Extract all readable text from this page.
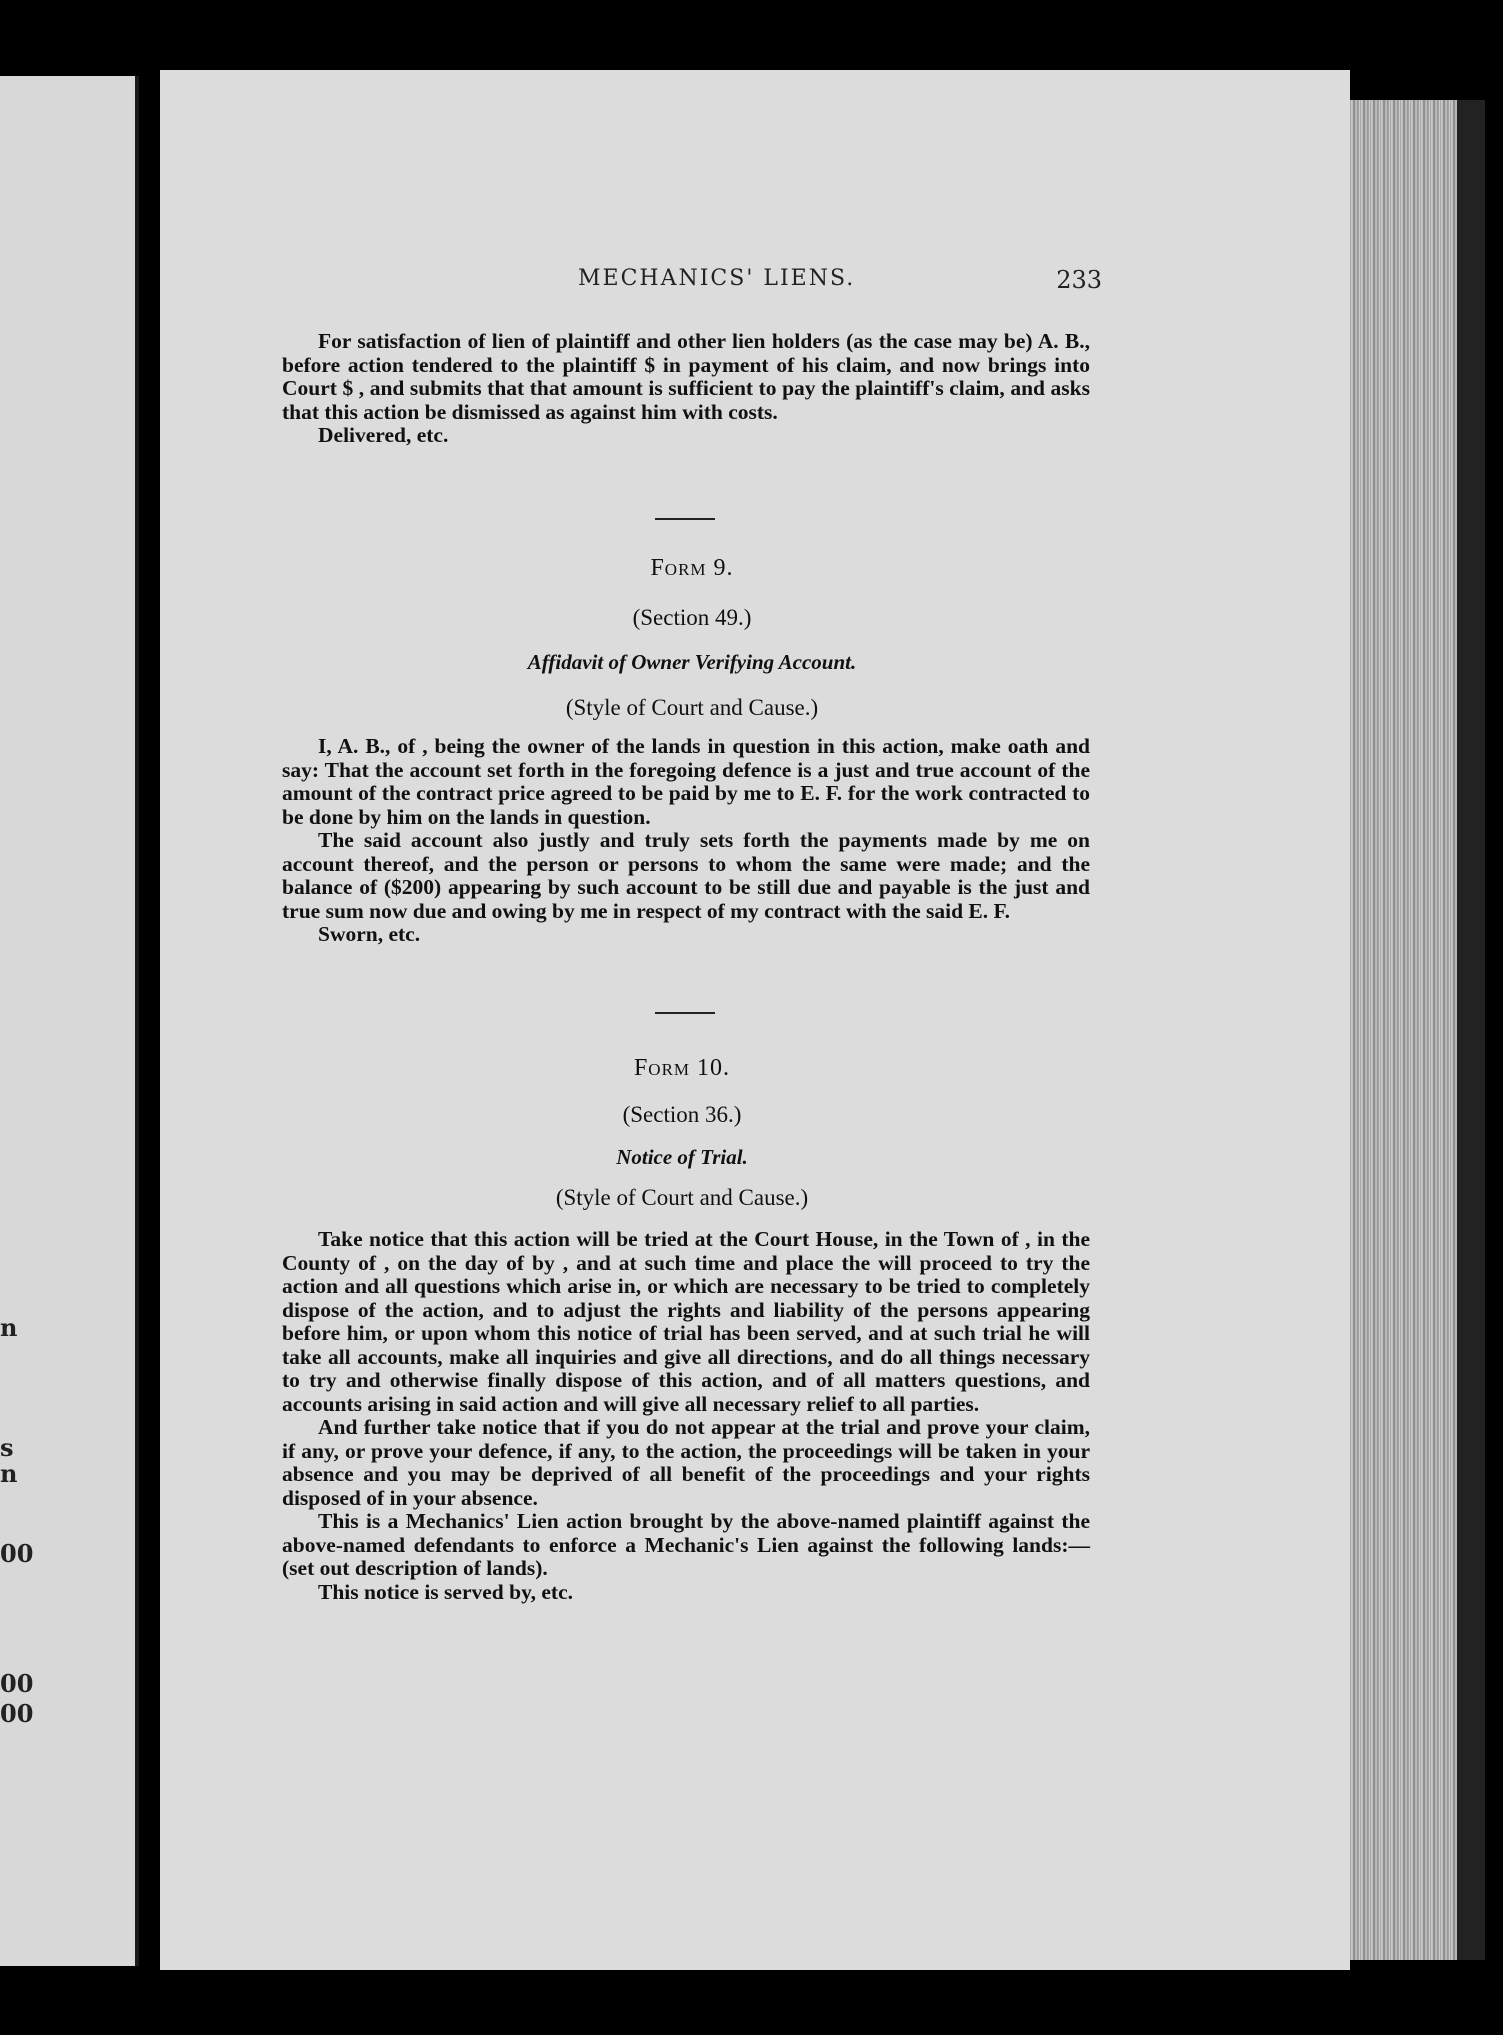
n
s
n
00
00
00
MECHANICS' LIENS.	233

For satisfaction of lien of plaintiff and other lien holders (as the case may be) A. B., before action tendered to the plaintiff $ in payment of his claim, and now brings into Court $ , and submits that that amount is sufficient to pay the plaintiff's claim, and asks that this action be dismissed as against him with costs.

Delivered, etc.

Form 9.

(Section 49.)

Affidavit of Owner Verifying Account.

(Style of Court and Cause.)

I, A. B., of , being the owner of the lands in question in this action, make oath and say: That the account set forth in the foregoing defence is a just and true account of the amount of the contract price agreed to be paid by me to E. F. for the work contracted to be done by him on the lands in question.

The said account also justly and truly sets forth the payments made by me on account thereof, and the person or persons to whom the same were made; and the balance of ($200) appearing by such account to be still due and payable is the just and true sum now due and owing by me in respect of my contract with the said E. F.

Sworn, etc.

Form 10.

(Section 36.)

Notice of Trial.

(Style of Court and Cause.)

Take notice that this action will be tried at the Court House, in the Town of , in the County of , on the day of by , and at such time and place the will proceed to try the action and all questions which arise in, or which are necessary to be tried to completely dispose of the action, and to adjust the rights and liability of the persons appearing before him, or upon whom this notice of trial has been served, and at such trial he will take all accounts, make all inquiries and give all directions, and do all things necessary to try and otherwise finally dispose of this action, and of all matters questions, and accounts arising in said action and will give all necessary relief to all parties.

And further take notice that if you do not appear at the trial and prove your claim, if any, or prove your defence, if any, to the action, the proceedings will be taken in your absence and you may be deprived of all benefit of the proceedings and your rights disposed of in your absence.

This is a Mechanics' Lien action brought by the above-named plaintiff against the above-named defendants to enforce a Mechanic's Lien against the following lands:— (set out description of lands).

This notice is served by, etc.
